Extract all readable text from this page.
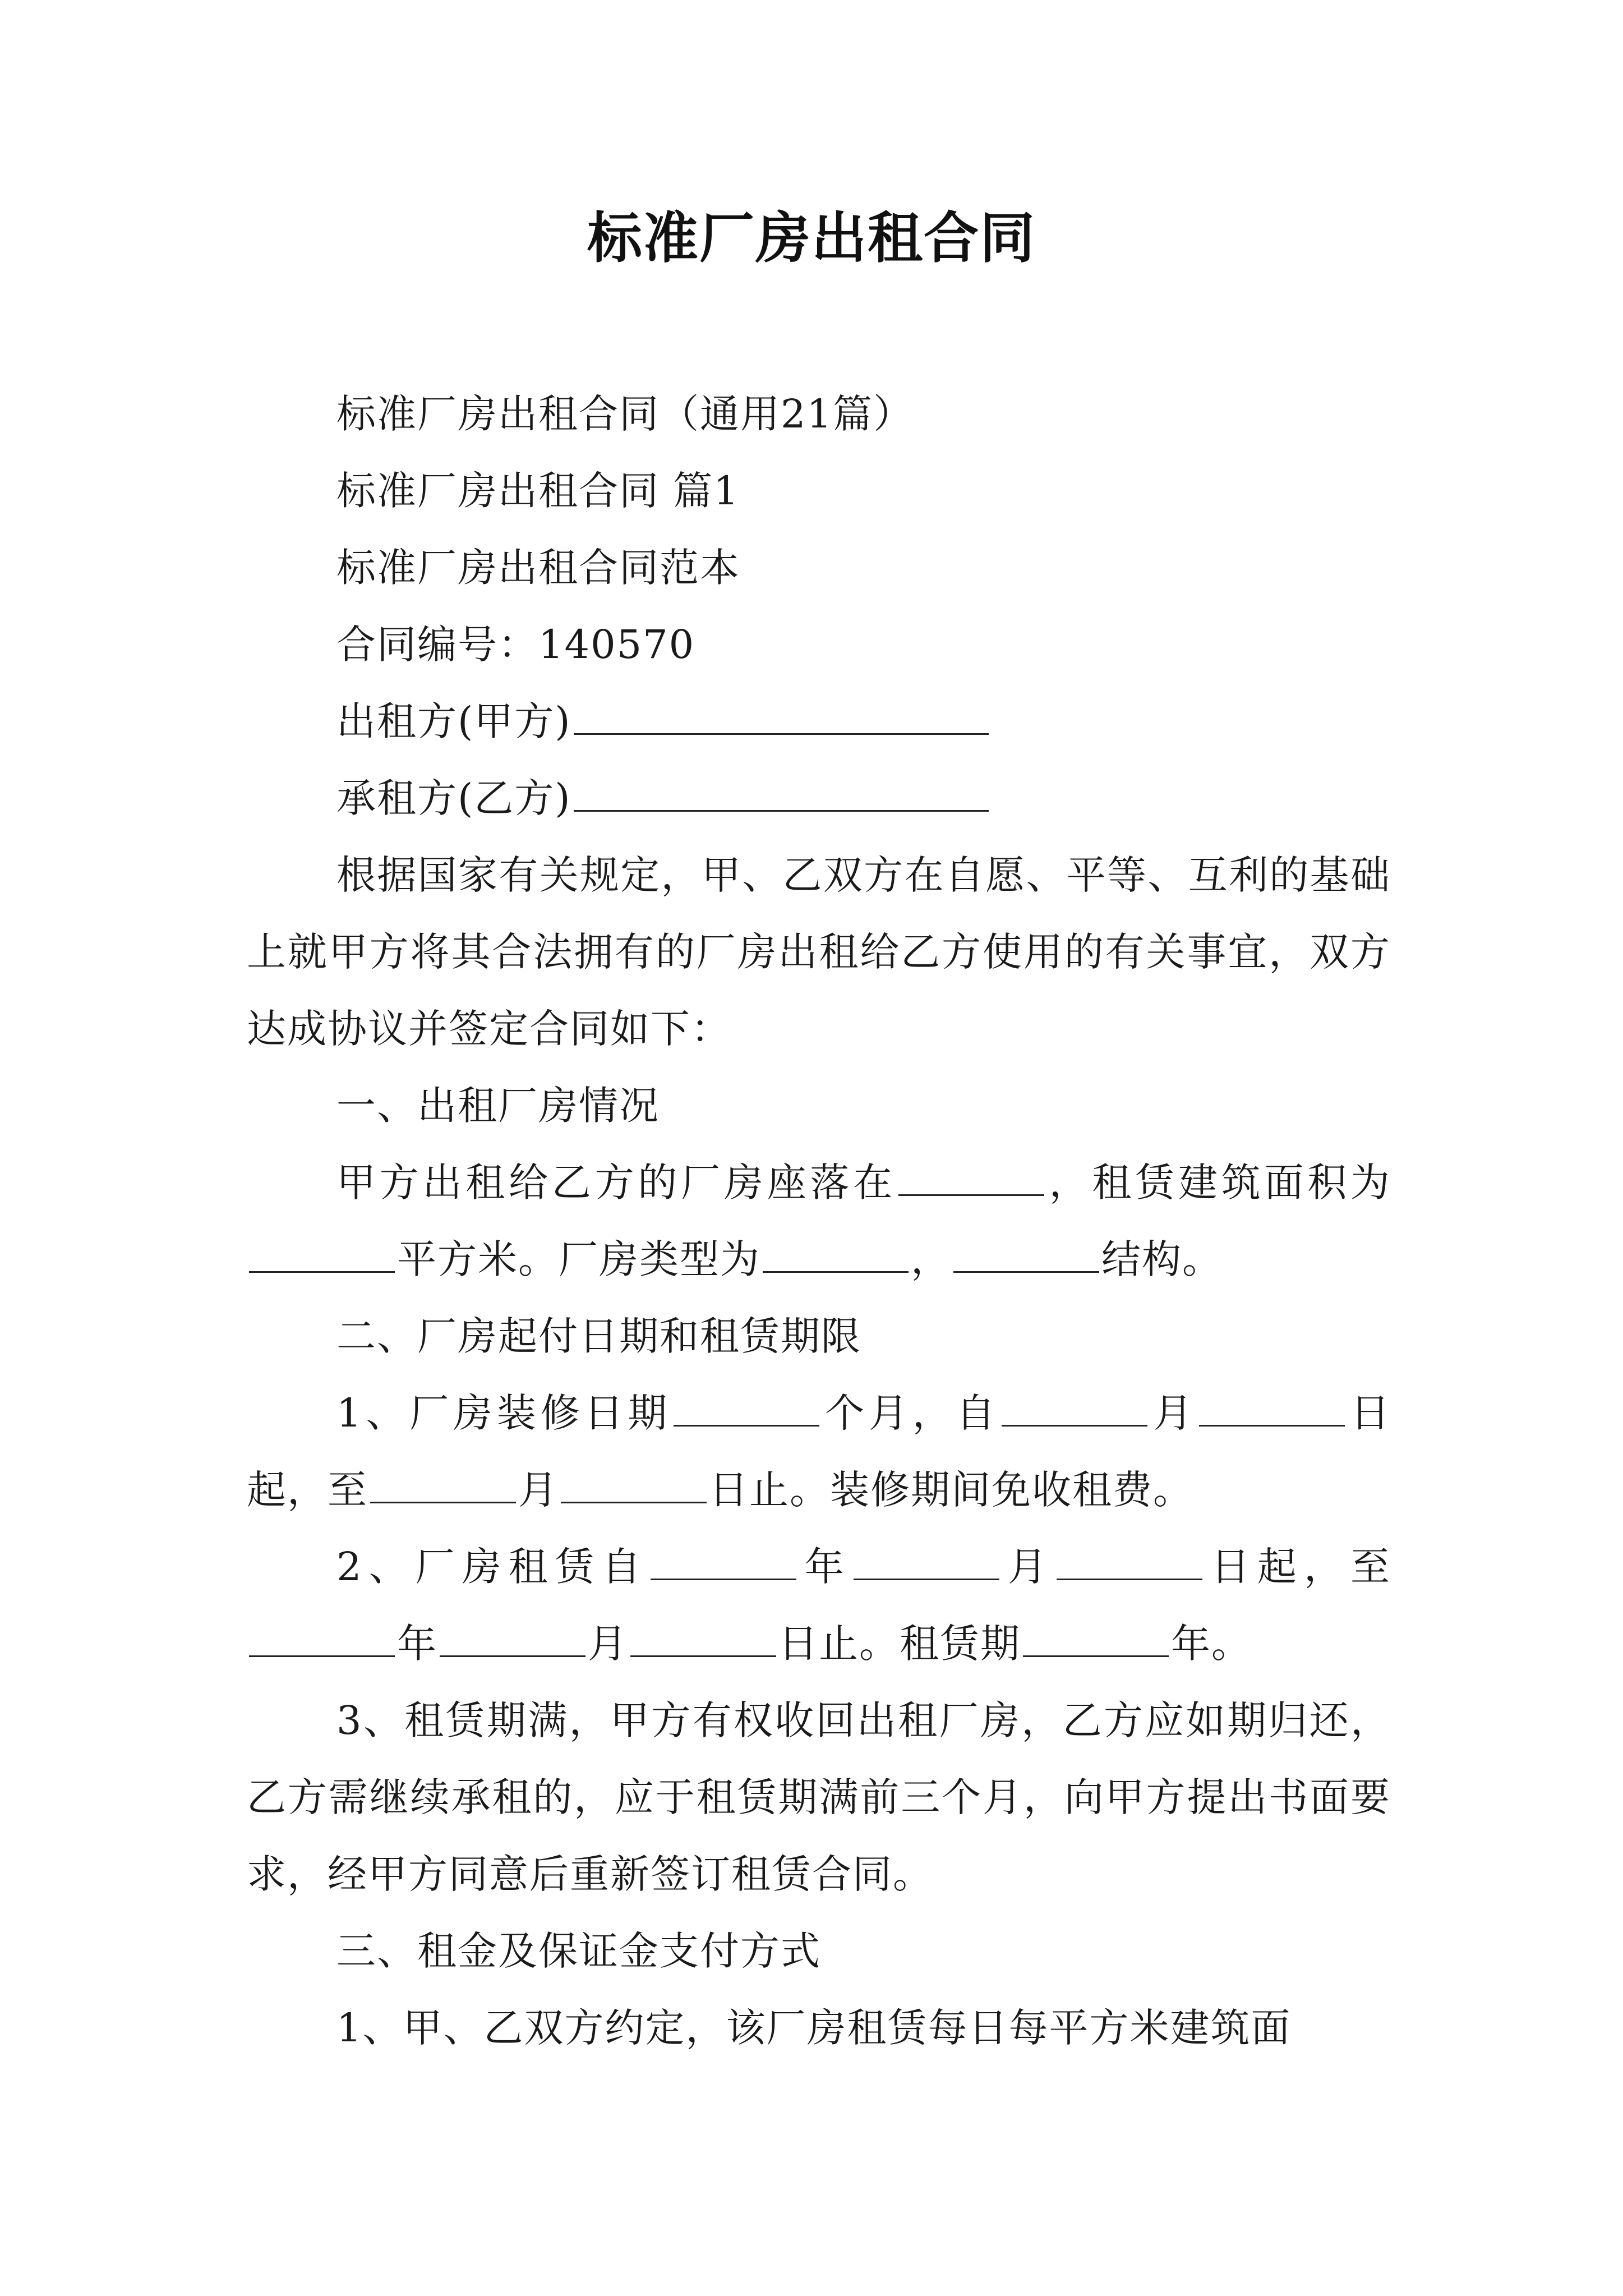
标准厂房出租合同

标准厂房出租合同（通用21篇）

标准厂房出租合同 篇1

标准厂房出租合同范本

合同编号：140570

出租方(甲方)

承租方(乙方)

根据国家有关规定，甲、乙双方在自愿、平等、互利的基础上就甲方将其合法拥有的厂房出租给乙方使用的有关事宜，双方达成协议并签定合同如下：

一、出租厂房情况

甲方出租给乙方的厂房座落在	，租赁建筑面积为平方米。厂房类型为	，	结构。

二、厂房起付日期和租赁期限

1、厂房装修日期	个月，自	月	日起，至	月	日止。装修期间免收租费。

2、厂房租赁自	年	月	日起，至年	月	日止。租赁期	年。

3、租赁期满，甲方有权收回出租厂房，乙方应如期归还，乙方需继续承租的，应于租赁期满前三个月，向甲方提出书面要求，经甲方同意后重新签订租赁合同。

三、租金及保证金支付方式

1、甲、乙双方约定，该厂房租赁每日每平方米建筑面
